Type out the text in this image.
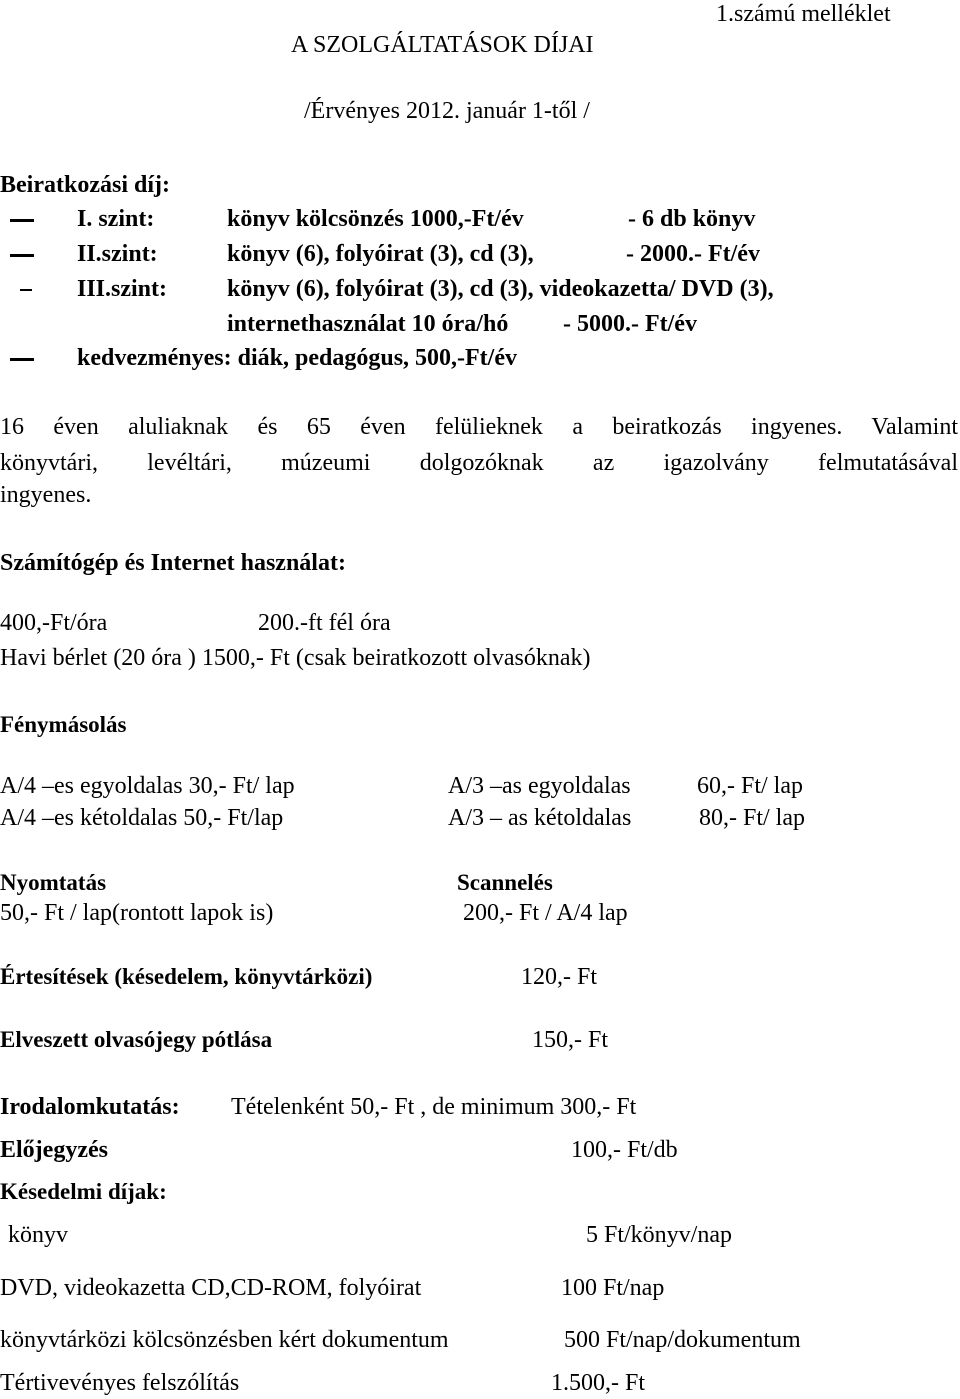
1.számú melléklet
A SZOLGÁLTATÁSOK DÍJAI
/Érvényes 2012. január 1-től /
Beiratkozási díj:
I. szint:	könyv kölcsönzés 1000,-Ft/év	- 6 db könyv
II.szint:	könyv (6), folyóirat (3), cd (3),	- 2000.- Ft/év
III.szint: könyv (6), folyóirat (3), cd (3), videokazetta/ DVD (3),
internethasználat 10 óra/hó - 5000.- Ft/év
kedvezményes: diák, pedagógus, 500,-Ft/év
16 éven aluliaknak és 65 éven felülieknek a beiratkozás ingyenes. Valamint
könyvtári, levéltári, múzeumi dolgozóknak az igazolvány felmutatásával
ingyenes.
Számítógép és Internet használat:
400,-Ft/óra	200.-ft fél óra
Havi bérlet (20 óra ) 1500,- Ft (csak beiratkozott olvasóknak)
Fénymásolás
A/4 –es egyoldalas 30,- Ft/ lap	A/3 –as egyoldalas	60,- Ft/ lap
A/4 –es kétoldalas 50,- Ft/lap	A/3 – as kétoldalas	80,- Ft/ lap
Nyomtatás	Scannelés
50,- Ft / lap(rontott lapok is)	200,- Ft / A/4 lap
Értesítések (késedelem, könyvtárközi)	120,- Ft
Elveszett olvasójegy pótlása	150,- Ft
Irodalomkutatás: Tételenként 50,- Ft , de minimum 300,- Ft
Előjegyzés	100,- Ft/db
Késedelmi díjak:
könyv	5 Ft/könyv/nap
DVD, videokazetta CD,CD-ROM, folyóirat	100 Ft/nap
könyvtárközi kölcsönzésben kért dokumentum	500 Ft/nap/dokumentum
Tértivevényes felszólítás	1.500,- Ft
